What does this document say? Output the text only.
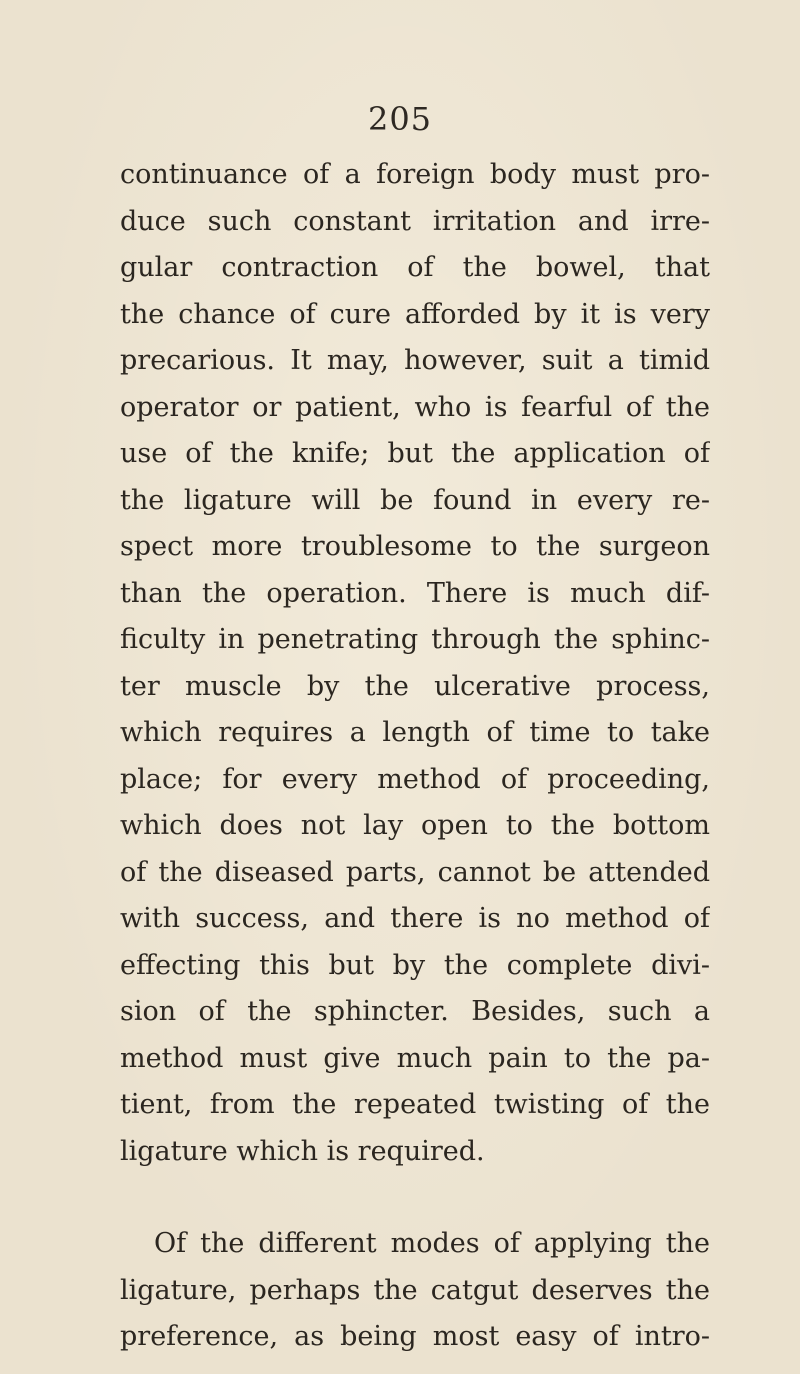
205
continuance of a foreign body must pro-
duce such constant irritation and irre-
gular contraction of the bowel, that
the chance of cure afforded by it is very
precarious. It may, however, suit a timid
operator or patient, who is fearful of the
use of the knife; but the application of
the ligature will be found in every re-
spect more troublesome to the surgeon
than the operation. There is much dif-
ficulty in penetrating through the sphinc-
ter muscle by the ulcerative process,
which requires a length of time to take
place; for every method of proceeding,
which does not lay open to the bottom
of the diseased parts, cannot be attended
with success, and there is no method of
effecting this but by the complete divi-
sion of the sphincter. Besides, such a
method must give much pain to the pa-
tient, from the repeated twisting of the
ligature which is required.
Of the different modes of applying the
ligature, perhaps the catgut deserves the
preference, as being most easy of intro-
